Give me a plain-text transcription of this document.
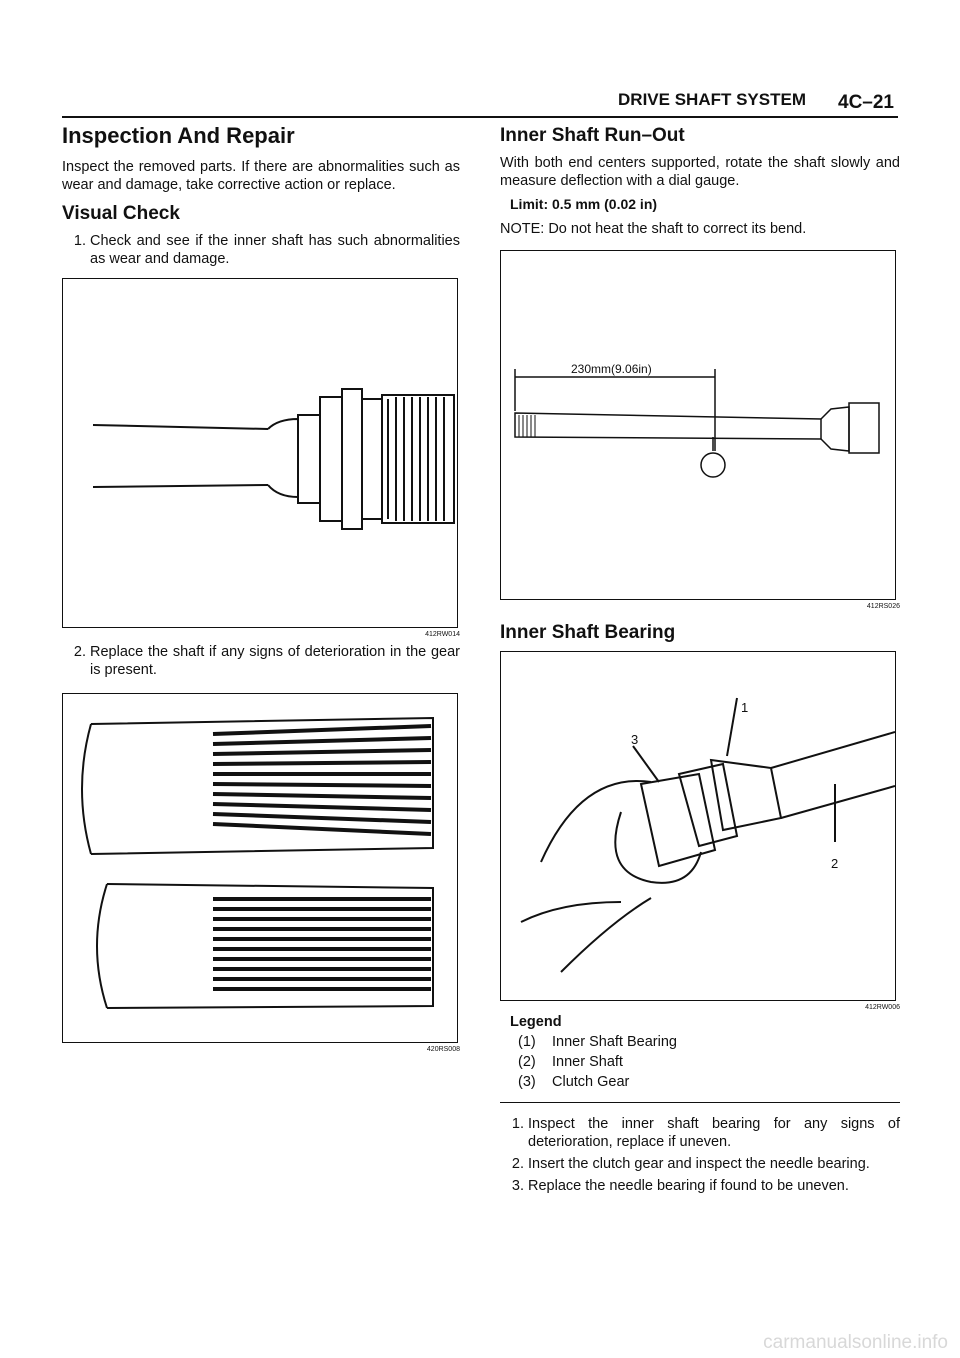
DRIVE SHAFT SYSTEM 4C–21
Inspection And Repair

Inspect the removed parts. If there are abnormalities such as wear and damage, take corrective action or replace.

Visual Check
1. Check and see if the inner shaft has such abnormalities as wear and damage.
412RW014
2. Replace the shaft if any signs of deterioration in the gear is present.
420RS008
Inner Shaft Run–Out

With both end centers supported, rotate the shaft slowly and measure deflection with a dial gauge.

Limit: 0.5 mm (0.02 in)

NOTE: Do not heat the shaft to correct its bend.

230mm(9.06in)
412RS026
Inner Shaft Bearing
1
3
2
412RW006
Legend
(1)	Inner Shaft Bearing
(2)	Inner Shaft
(3)	Clutch Gear
1. Inspect the inner shaft bearing for any signs of deterioration, replace if uneven.
2. Insert the clutch gear and inspect the needle bearing.
3. Replace the needle bearing if found to be uneven.
carmanualsonline.info
